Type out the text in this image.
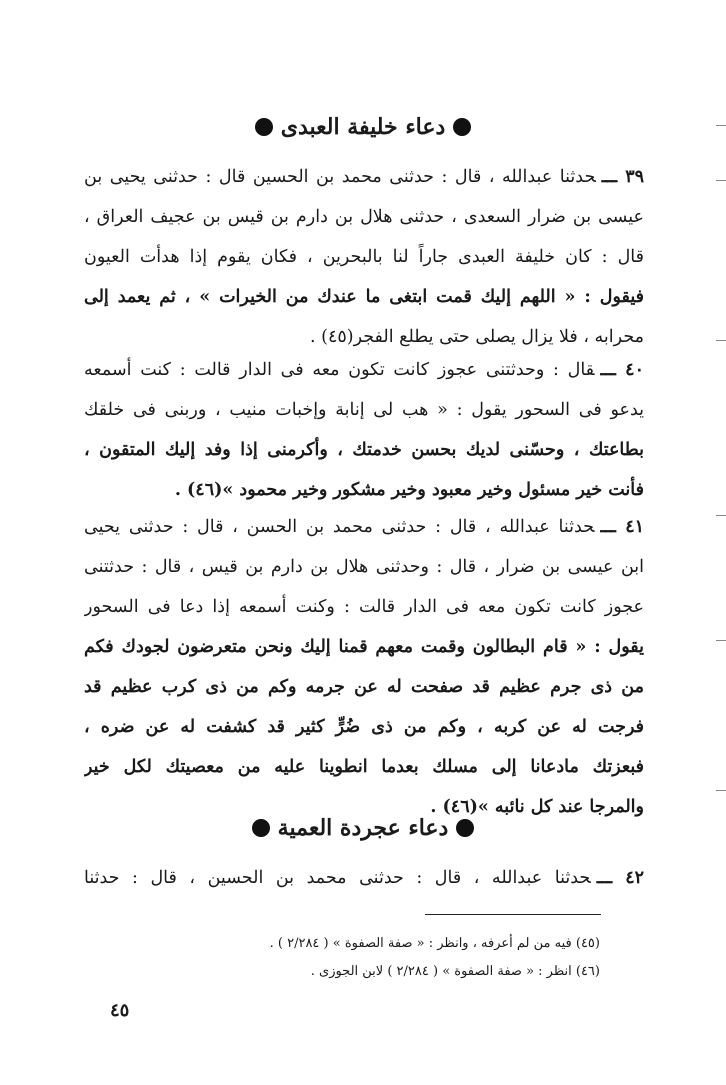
دعاء خليفة العبدى
٣٩ ـــحدثنا عبدالله ، قال : حدثنى محمد بن الحسين قال : حدثنى يحيى بن
عيسى بن ضرار السعدى ، حدثنى هلال بن دارم بن قيس بن عجيف العراق ،
قال : كان خليفة العبدى جاراً لنا بالبحرين ، فكان يقوم إذا هدأت العيون
فيقول : « اللهم إليك قمت ابتغى ما عندك من الخيرات » ، ثم يعمد إلى
محرابه ، فلا يزال يصلى حتى يطلع الفجر(٤٥) .
٤٠ ـــقال : وحدثتنى عجوز كانت تكون معه فى الدار قالت : كنت أسمعه
يدعو فى السحور يقول : « هب لى إنابة وإخبات منيب ، وربنى فى خلقك
بطاعتك ، وحسّنى لديك بحسن خدمتك ، وأكرمنى إذا وفد إليك المتقون ،
فأنت خير مسئول وخير معبود وخير مشكور وخير محمود »(٤٦) .
٤١ ـــحدثنا عبدالله ، قال : حدثنى محمد بن الحسن ، قال : حدثنى يحيى
ابن عيسى بن ضرار ، قال : وحدثنى هلال بن دارم بن قيس ، قال : حدثتنى
عجوز كانت تكون معه فى الدار قالت : وكنت أسمعه إذا دعا فى السحور
يقول : « قام البطالون وقمت معهم قمنا إليك ونحن متعرضون لجودك فكم
من ذى جرم عظيم قد صفحت له عن جرمه وكم من ذى كرب عظيم قد
فرجت له عن كربه ، وكم من ذى ضُرٍّ كثير قد كشفت له عن ضره ،
فبعزتك مادعانا إلى مسلك بعدما انطوينا عليه من معصيتك لكل خير
والمرجا عند كل نائبه »(٤٦) .
دعاء عجردة العمية
٤٢ ـــحدثنا عبدالله ، قال : حدثنى محمد بن الحسين ، قال : حدثنا
(٤٥) فيه من لم أعرفه ، وانظر : « صفة الصفوة » ( ٢/٢٨٤ ) .
(٤٦) انظر : « صفة الصفوة » ( ٢/٢٨٤ ) لابن الجوزى .
٤٥
